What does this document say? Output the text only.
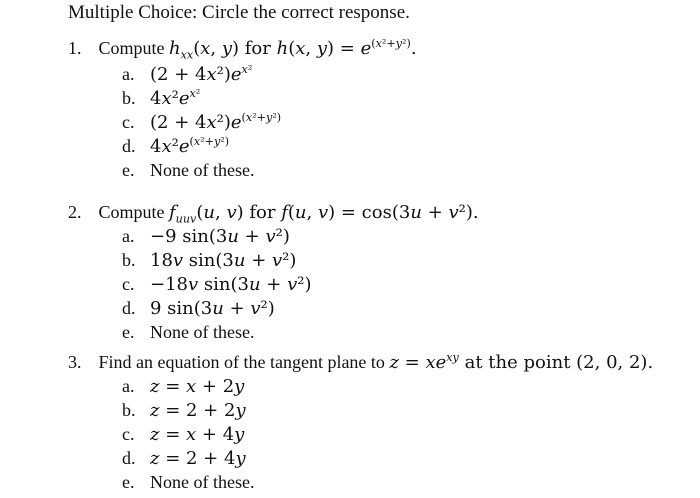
Multiple Choice: Circle the correct response.
1. Compute $h_{xx}(x$, y) for h(x, $y) = e^{(x^2+y^2)}$.
a. $(2 + 4x^2)e^{x^2}$
b. $4x^2e^{x^2}$
c. $(2 + 4x^2)e^{(x^2+y^2)}$
d. $4x^2e^{(x^2+y^2)}$
e. None of these.
2. Compute $f_{uuv}(u$, v) for f(u, v) = cos(3u + v²).
a. −9 sin(3u + v²)
b. 18v sin(3u + v²)
c. −18v sin(3u + v²)
d. 9 sin(3u + v²)
e. None of these.
3. Find an equation of the tangent plane to $z = xe^{xy}$ at the point (2, 0, 2).
a. z = x + 2y
b. z = 2 + 2y
c. z = x + 4y
d. z = 2 + 4y
e. None of these.
